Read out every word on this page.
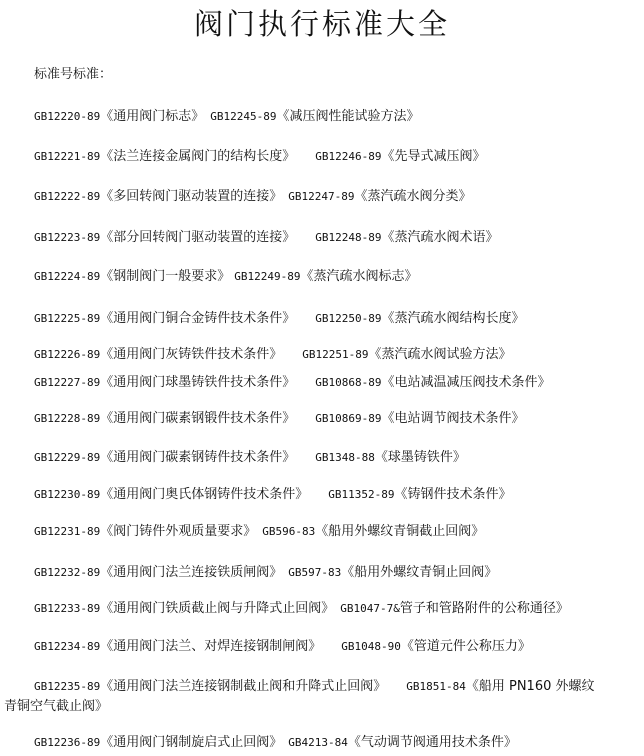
阀门执行标准大全
标准号标准：
GB12220-89《通用阀门标志》 GB12245-89《减压阀性能试验方法》
GB12221-89《法兰连接金属阀门的结构长度》 GB12246-89《先导式减压阀》
GB12222-89《多回转阀门驱动装置的连接》 GB12247-89《蒸汽疏水阀分类》
GB12223-89《部分回转阀门驱动装置的连接》 GB12248-89《蒸汽疏水阀术语》
GB12224-89《钢制阀门一般要求》 GB12249-89《蒸汽疏水阀标志》
GB12225-89《通用阀门铜合金铸件技术条件》 GB12250-89《蒸汽疏水阀结构长度》
GB12226-89《通用阀门灰铸铁件技术条件》 GB12251-89《蒸汽疏水阀试验方法》
GB12227-89《通用阀门球墨铸铁件技术条件》 GB10868-89《电站减温减压阀技术条件》
GB12228-89《通用阀门碳素钢锻件技术条件》 GB10869-89《电站调节阀技术条件》
GB12229-89《通用阀门碳素钢铸件技术条件》 GB1348-88《球墨铸铁件》
GB12230-89《通用阀门奥氏体钢铸件技术条件》 GB11352-89《铸钢件技术条件》
GB12231-89《阀门铸件外观质量要求》 GB596-83《船用外螺纹青铜截止回阀》
GB12232-89《通用阀门法兰连接铁质闸阀》 GB597-83《船用外螺纹青铜止回阀》
GB12233-89《通用阀门铁质截止阀与升降式止回阀》 GB1047-7&管子和管路附件的公称通径》
GB12234-89《通用阀门法兰、对焊连接钢制闸阀》 GB1048-90《管道元件公称压力》
GB12235-89《通用阀门法兰连接钢制截止阀和升降式止回阀》 GB1851-84《船用 PN160 外螺纹
GB12236-89《通用阀门钢制旋启式止回阀》 GB4213-84《气动调节阀通用技术条件》
青铜空气截止阀》
